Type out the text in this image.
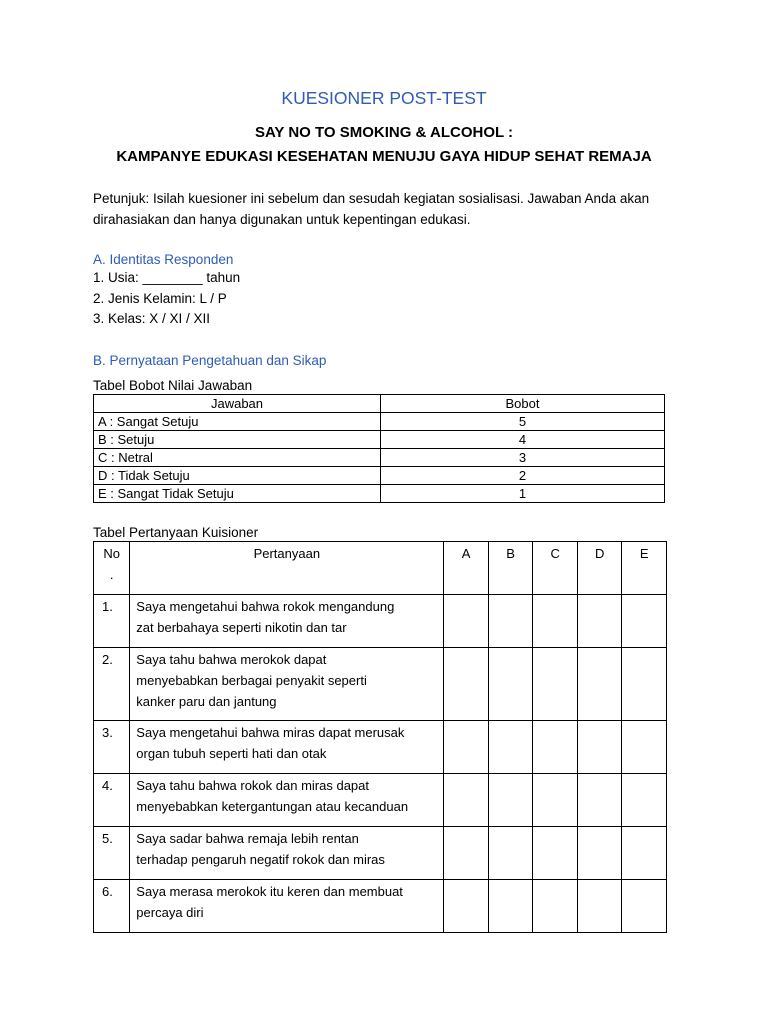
KUESIONER POST-TEST
SAY NO TO SMOKING & ALCOHOL :
KAMPANYE EDUKASI KESEHATAN MENUJU GAYA HIDUP SEHAT REMAJA
Petunjuk: Isilah kuesioner ini sebelum dan sesudah kegiatan sosialisasi. Jawaban Anda akan
dirahasiakan dan hanya digunakan untuk kepentingan edukasi.
A. Identitas Responden
1. Usia: ________ tahun
2. Jenis Kelamin: L / P
3. Kelas: X / XI / XII
B. Pernyataan Pengetahuan dan Sikap
Tabel Bobot Nilai Jawaban
Jawaban	Bobot
A : Sangat Setuju	5
B : Setuju	4
C : Netral	3
D : Tidak Setuju	2
E : Sangat Tidak Setuju	1
Tabel Pertanyaan Kuisioner
No
.	Pertanyaan	A	B	C	D	E
1.	Saya mengetahui bahwa rokok mengandung
zat berbahaya seperti nikotin dan tar					

2.	Saya tahu bahwa merokok dapat
menyebabkan berbagai penyakit seperti
kanker paru dan jantung					

3.	Saya mengetahui bahwa miras dapat merusak
organ tubuh seperti hati dan otak					

4.	Saya tahu bahwa rokok dan miras dapat
menyebabkan ketergantungan atau kecanduan					

5.	Saya sadar bahwa remaja lebih rentan
terhadap pengaruh negatif rokok dan miras					

6.	Saya merasa merokok itu keren dan membuat
percaya diri					
